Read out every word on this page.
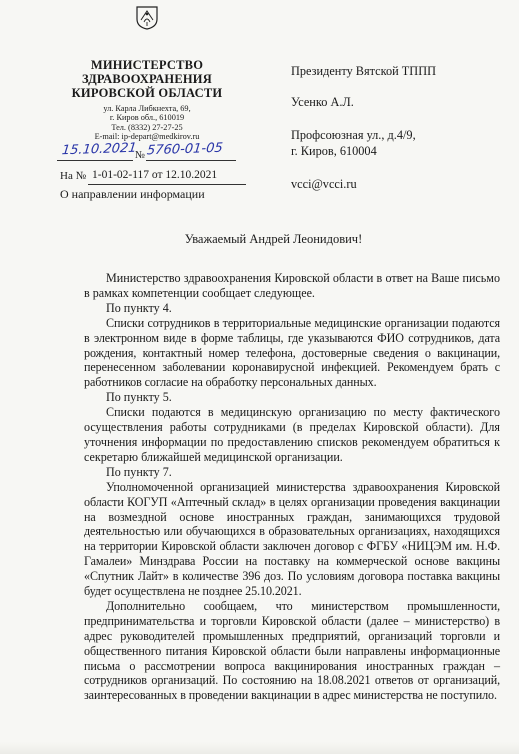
МИНИСТЕРСТВО
ЗДРАВООХРАНЕНИЯ
КИРОВСКОЙ ОБЛАСТИ
ул. Карла Либкнехта, 69,
г. Киров обл., 610019
Тел. (8332) 27-27-25
E-mail: ip-depart@medkirov.ru
15.10.2021
№ 5760-01-05
На № 1-01-02-117 от 12.10.2021
О направлении информации
Президенту Вятской ТППП
Усенко А.Л.
Профсоюзная ул., д.4/9,
г. Киров, 610004
vcci@vcci.ru
Уважаемый Андрей Леонидович!

Министерство здравоохранения Кировской области в ответ на Ваше письмо в рамках компетенции сообщает следующее.

По пункту 4.

Списки сотрудников в территориальные медицинские организации подаются в электронном виде в форме таблицы, где указываются ФИО сотрудников, дата рождения, контактный номер телефона, достоверные сведения о вакцинации, перенесенном заболевании коронавирусной инфекцией. Рекомендуем брать с работников согласие на обработку персональных данных.

По пункту 5.

Списки подаются в медицинскую организацию по месту фактического осуществления работы сотрудниками (в пределах Кировской области). Для уточнения информации по предоставлению списков рекомендуем обратиться к секретарю ближайшей медицинской организации.

По пункту 7.

Уполномоченной организацией министерства здравоохранения Кировской области КОГУП «Аптечный склад» в целях организации проведения вакцинации на возмездной основе иностранных граждан, занимающихся трудовой деятельностью или обучающихся в образовательных организациях, находящихся на территории Кировской области заключен договор с ФГБУ «НИЦЭМ им. Н.Ф. Гамалеи» Минздрава России на поставку на коммерческой основе вакцины «Спутник Лайт» в количестве 396 доз. По условиям договора поставка вакцины будет осуществлена не позднее 25.10.2021.

Дополнительно сообщаем, что министерством промышленности, предпринимательства и торговли Кировской области (далее – министерство) в адрес руководителей промышленных предприятий, организаций торговли и общественного питания Кировской области были направлены информационные письма о рассмотрении вопроса вакцинирования иностранных граждан – сотрудников организаций. По состоянию на 18.08.2021 ответов от организаций, заинтересованных в проведении вакцинации в адрес министерства не поступило.
